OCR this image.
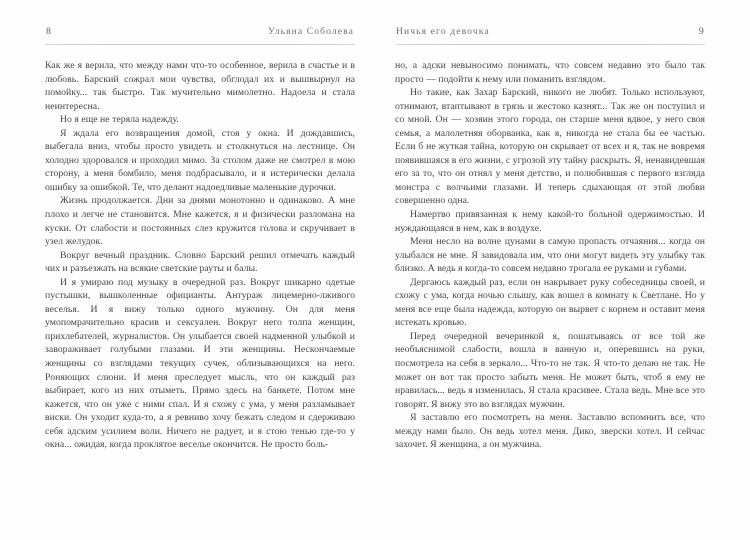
8	Ульяна Соболева

Как же я верила, что между нами что-то особенное, верила в счастье и в любовь. Барский сожрал мои чувства, обглодал их и вышвырнул на помойку... так быстро. Так мучительно мимолетно. Надоела и стала неинтересна.

Но я еще не теряла надежду.

Я ждала его возвращения домой, стоя у окна. И дождавшись, выбегала вниз, чтобы просто увидеть и столкнуться на лестнице. Он холодно здоровался и проходил мимо. За столом даже не смотрел в мою сторону, а меня бомбило, меня подбрасывало, и я истерически делала ошибку за ошибкой. Те, что делают надоедливые маленькие дурочки.

Жизнь продолжается. Дни за днями монотонно и одинаково. А мне плохо и легче не становится. Мне кажется, я и физически разломана на куски. От слабости и постоянных слез кружится голова и скручивает в узел желудок.

Вокруг вечный праздник. Словно Барский решил отмечать каждый чих и разъезжать на всякие светские рауты и балы.

И я умираю под музыку в очередной раз. Вокруг шикарно одетые пустышки, вышколенные официанты. Антураж лицемерно-лживого веселья. И я вижу только одного мужчину. Он для меня умопомрачительно красив и сексуален. Вокруг него толпа женщин, прихлебателей, журналистов. Он улыбается своей надменной улыбкой и завораживает голубыми глазами. И эти женщины. Нескончаемые женщины со взглядами текущих сучек, облизывающихся на него. Роняющих слюни. И меня преследует мысль, что он каждый раз выбирает, кого из них отыметь. Прямо здесь на банкете. Потом мне кажется, что он уже с ними спал. И я схожу с ума, у меня разламывает виски. Он уходит куда-то, а я ревниво хочу бежать следом и сдерживаю себя адским усилием воли. Ничего не радует, и я стою тенью где-то у окна... ожидая, когда проклятое веселье окончится. Не просто боль-

Ничья его девочка	9

но, а адски невыносимо понимать, что совсем недавно это было так просто — подойти к нему или поманить взглядом.

Но такие, как Захар Барский, никого не любят. Только используют, отнимают, втаптывают в грязь и жестоко казнят... Так же он поступил и со мной. Он — хозяин этого города, он старше меня вдвое, у него своя семья, а малолетняя оборванка, как я, никогда не стала бы ее частью. Если б не жуткая тайна, которую он скрывает от всех и я, так не вовремя появившаяся в его жизни, с угрозой эту тайну раскрыть. Я, ненавидевшая его за то, что он отнял у меня детство, и полюбившая с первого взгляда монстра с волчьими глазами. И теперь сдыхающая от этой любви совершенно одна.

Намертво привязанная к нему какой-то больной одержимостью. И нуждающаяся в нем, как в воздухе.

Меня несло на волне цунами в самую пропасть отчаяния... когда он улыбался не мне. Я завидовала им, что они могут видеть эту улыбку так близко. А ведь я когда-то совсем недавно трогала ее руками и губами.

Дергаюсь каждый раз, если он накрывает руку собеседницы своей, и схожу с ума, когда ночью слышу, как вошел в комнату к Светлане. Но у меня все еще была надежда, которую он вырвет с корнем и оставит меня истекать кровью.

Перед очередной вечеринкой я, пошатываясь от все той же необъяснимой слабости, вошла в ванную и, оперевшись на руки, посмотрела на себя в зеркало... Что-то не так. Я что-то делаю не так. Не может он вот так просто забыть меня. Не может быть, чтоб я ему не нравилась... ведь я изменилась. Я стала красивее. Стала ведь. Мне все это говорят. Я вижу это во взглядах мужчин.

Я заставлю его посмотреть на меня. Заставлю вспомнить все, что между нами было. Он ведь хотел меня. Дико, зверски хотел. И сейчас захочет. Я женщина, а он мужчина.
